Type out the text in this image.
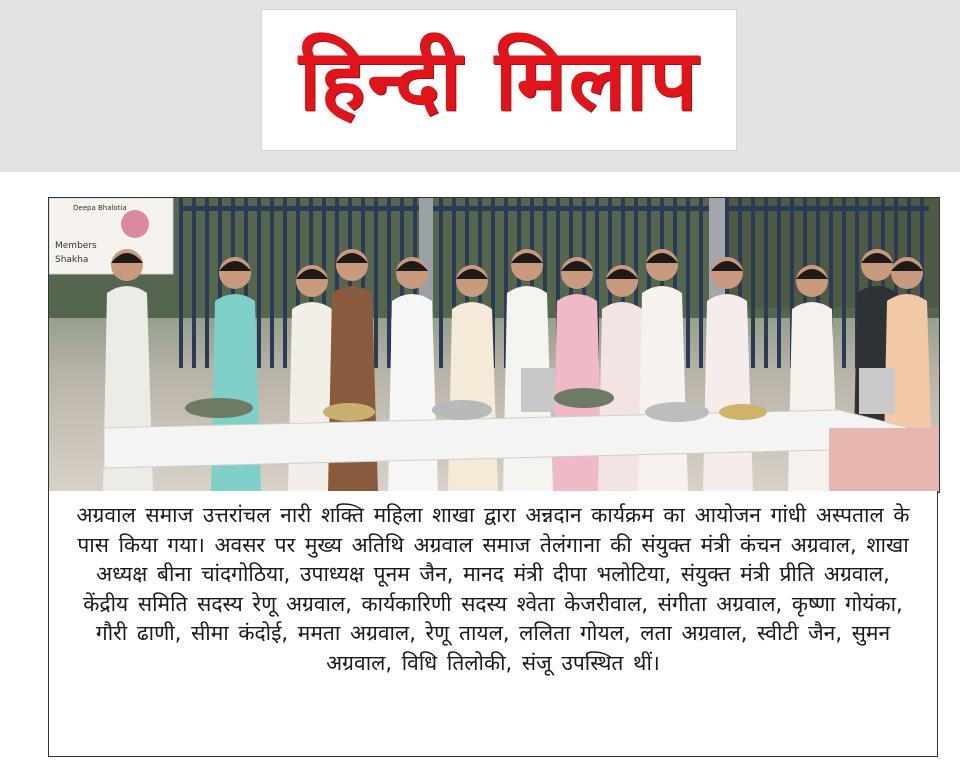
हिन्दी मिलाप
Deepa Bhalotia
Members
Shakha

अग्रवाल समाज उत्तरांचल नारी शक्ति महिला शाखा द्वारा अन्नदान कार्यक्रम का आयोजन गांधी अस्पताल के पास किया गया। अवसर पर मुख्य अतिथि अग्रवाल समाज तेलंगाना की संयुक्त मंत्री कंचन अग्रवाल, शाखा अध्यक्ष बीना चांदगोठिया, उपाध्यक्ष पूनम जैन, मानद मंत्री दीपा भलोटिया, संयुक्त मंत्री प्रीति अग्रवाल, केंद्रीय समिति सदस्य रेणू अग्रवाल, कार्यकारिणी सदस्य श्वेता केजरीवाल, संगीता अग्रवाल, कृष्णा गोयंका, गौरी ढाणी, सीमा कंदोई, ममता अग्रवाल, रेणू तायल, ललिता गोयल, लता अग्रवाल, स्वीटी जैन, सुमन अग्रवाल, विधि तिलोकी, संजू उपस्थित थीं।
